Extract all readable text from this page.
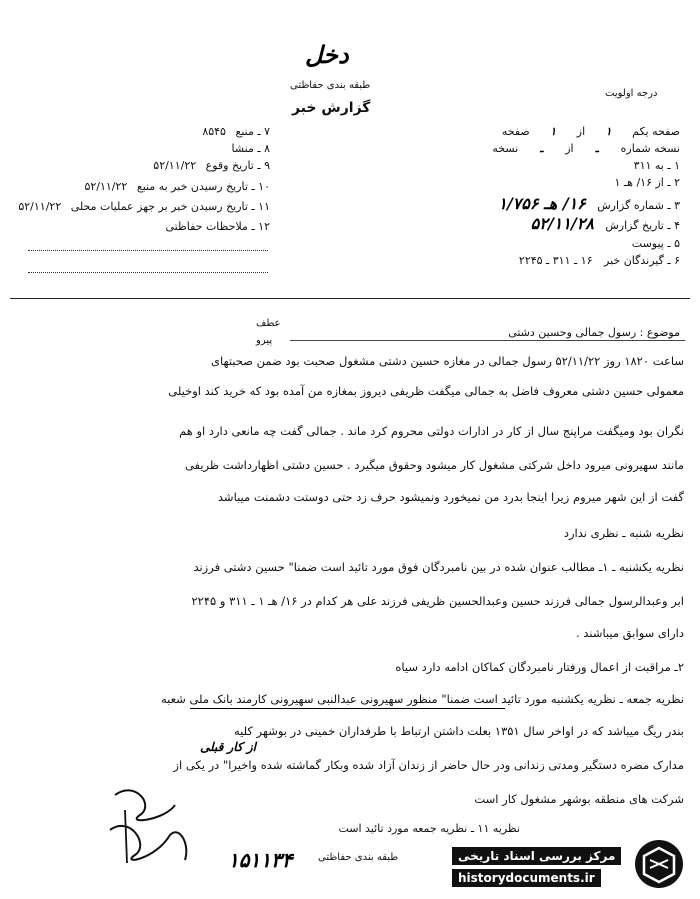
دخل
طبقه بندی حفاظتی
گزارش خبر
درجه اولویت
صفحه یکم ۱ از ۱ صفحه
نسخه شماره ـ از ـ نسخه
۱ ـ به ۳۱۱
۲ ـ از ۱۶/ هـ ۱
۳ ـ شماره گزارش ۱۶/ هـ ۱/۷۵۶
۴ ـ تاریخ گزارش ۵۲/۱۱/۲۸
۵ ـ پیوست
۶ ـ گیرندگان خبر ۱۶ ـ ۳۱۱ ـ ۲۲۴۵
۷ ـ منبع ۸۵۴۵
۸ ـ منشا
۹ ـ تاریخ وقوع ۵۲/۱۱/۲۲
۱۰ ـ تاریخ رسیدن خبر به منبع ۵۲/۱۱/۲۲
۱۱ ـ تاریخ رسیدن خبر بر جهز عملیات محلی ۵۲/۱۱/۲۲
۱۲ ـ ملاحظات حفاظتی
عطف
پیرو
موضوع : رسول جمالی وحسین دشتی
ساعت ۱۸۲۰ روز ۵۲/۱۱/۲۲ رسول جمالی در مغازه حسین دشتی مشغول صحبت بود ضمن صحبتهای
معمولی حسین دشتی معروف فاضل به جمالی میگفت ظریفی دیروز بمغازه من آمده بود که خرید کند اوخیلی
نگران بود ومیگفت مراپنج سال از کار در ادارات دولتی محروم کرد ماند . جمالی گفت چه مانعی دارد او هم
مانند سهیرونی میرود داخل شرکتی مشغول کار میشود وحقوق میگیرد . حسین دشتی اظهارداشت ظریفی
گفت از این شهر میروم زیرا اینجا بدرد من نمیخورد ونمیشود حرف زد حتی دوستت دشمنت میباشد
نظریه شنبه ـ نظری ندارد
نظریه یکشنبه ـ ۱ـ مطالب عنوان شده در بین نامبردگان فوق مورد تائید است ضمنا" حسین دشتی فرزند
ابر وعبدالرسول جمالی فرزند حسین وعبدالحسین ظریفی فرزند علی هر کدام در ۱۶/ هـ ۱ ـ ۳۱۱ و ۲۲۴۵
دارای سوابق میباشند .
۲ـ مراقبت از اعمال ورفتار نامبردگان کماکان ادامه دارد سیاه
نظریه جمعه ـ نظریه یکشنبه مورد تائید است ضمنا" منظور سهیرونی عبدالنبی سهیرونی کارمند بانک ملی شعبه
بندر ریگ میباشد که در اواخر سال ۱۳۵۱ بعلت داشتن ارتباط با طرفداران خمینی در بوشهر کلیه
از کار قبلی
مدارک مضره دستگیر ومدتی زندانی ودر حال حاضر از زندان آزاد شده وبکار گماشته شده واخیرا" در یکی از
شرکت های منطقه بوشهر مشغول کار است
نظریه ۱۱ ـ نظریه جمعه مورد تائید است
۱۵۱۱۳۴	طبقه بندی حفاظتی	مرکز بررسی اسناد تاریخی
historydocuments.ir
